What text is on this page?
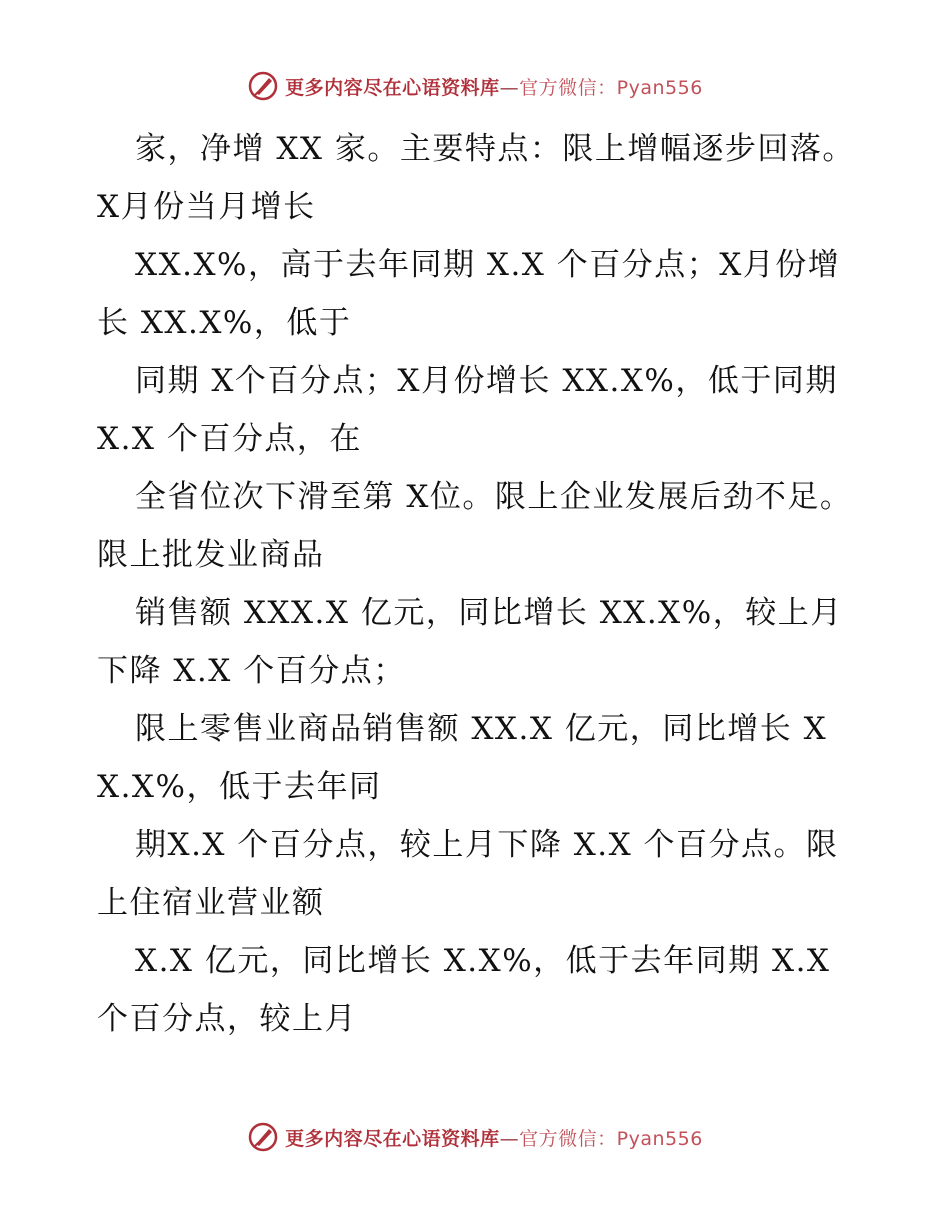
更多内容尽在心语资料库—官方微信：Pyan556

家，净增 XX 家。主要特点：限上增幅逐步回落。X月份当月增长

XX.X%，高于去年同期 X.X 个百分点；X月份增长 XX.X%，低于

同期 X个百分点；X月份增长 XX.X%，低于同期 X.X 个百分点，在

全省位次下滑至第 X位。限上企业发展后劲不足。限上批发业商品

销售额 XXX.X 亿元，同比增长 XX.X%，较上月下降 X.X 个百分点；

限上零售业商品销售额 XX.X 亿元，同比增长 XX.X%，低于去年同

期X.X 个百分点，较上月下降 X.X 个百分点。限上住宿业营业额

X.X 亿元，同比增长 X.X%，低于去年同期 X.X 个百分点，较上月

更多内容尽在心语资料库—官方微信：Pyan556
